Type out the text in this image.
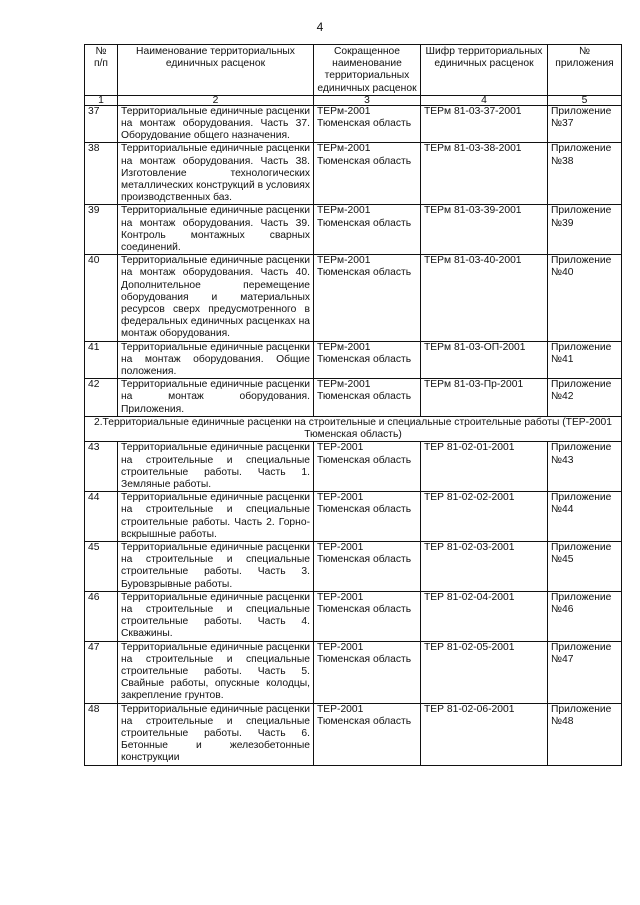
4
№
п/п	Наименование территориальных единичных расценок	Сокращенное наименование территориальных единичных расценок	Шифр территориальных единичных расценок	№ приложения
1	2	3	4	5
37	Территориальные единичные расценки на монтаж оборудования. Часть 37. Оборудование общего назначения.	ТЕРм-2001 Тюменская область	ТЕРм 81-03-37-2001	Приложение №37
38	Территориальные единичные расценки на монтаж оборудования. Часть 38. Изготовление технологических металлических конструкций в условиях производственных баз.	ТЕРм-2001 Тюменская область	ТЕРм 81-03-38-2001	Приложение №38
39	Территориальные единичные расценки на монтаж оборудования. Часть 39. Контроль монтажных сварных соединений.	ТЕРм-2001 Тюменская область	ТЕРм 81-03-39-2001	Приложение №39
40	Территориальные единичные расценки на монтаж оборудования. Часть 40. Дополнительное перемещение оборудования и материальных ресурсов сверх предусмотренного в федеральных единичных расценках на монтаж оборудования.	ТЕРм-2001 Тюменская область	ТЕРм 81-03-40-2001	Приложение №40
41	Территориальные единичные расценки на монтаж оборудования. Общие положения.	ТЕРм-2001 Тюменская область	ТЕРм 81-03-ОП-2001	Приложение №41
42	Территориальные единичные расценки на монтаж оборудования. Приложения.	ТЕРм-2001 Тюменская область	ТЕРм 81-03-Пр-2001	Приложение №42
2.Территориальные единичные расценки на строительные и специальные строительные работы (ТЕР-2001 Тюменская область)				
43	Территориальные единичные расценки на строительные и специальные строительные работы. Часть 1. Земляные работы.	ТЕР-2001 Тюменская область	ТЕР 81-02-01-2001	Приложение №43
44	Территориальные единичные расценки на строительные и специальные строительные работы. Часть 2. Горно-вскрышные работы.	ТЕР-2001 Тюменская область	ТЕР 81-02-02-2001	Приложение №44
45	Территориальные единичные расценки на строительные и специальные строительные работы. Часть 3. Буровзрывные работы.	ТЕР-2001 Тюменская область	ТЕР 81-02-03-2001	Приложение №45
46	Территориальные единичные расценки на строительные и специальные строительные работы. Часть 4. Скважины.	ТЕР-2001 Тюменская область	ТЕР 81-02-04-2001	Приложение №46
47	Территориальные единичные расценки на строительные и специальные строительные работы. Часть 5. Свайные работы, опускные колодцы, закрепление грунтов.	ТЕР-2001 Тюменская область	ТЕР 81-02-05-2001	Приложение №47
48	Территориальные единичные расценки на строительные и специальные строительные работы. Часть 6. Бетонные и железобетонные конструкции	ТЕР-2001 Тюменская область	ТЕР 81-02-06-2001	Приложение №48
